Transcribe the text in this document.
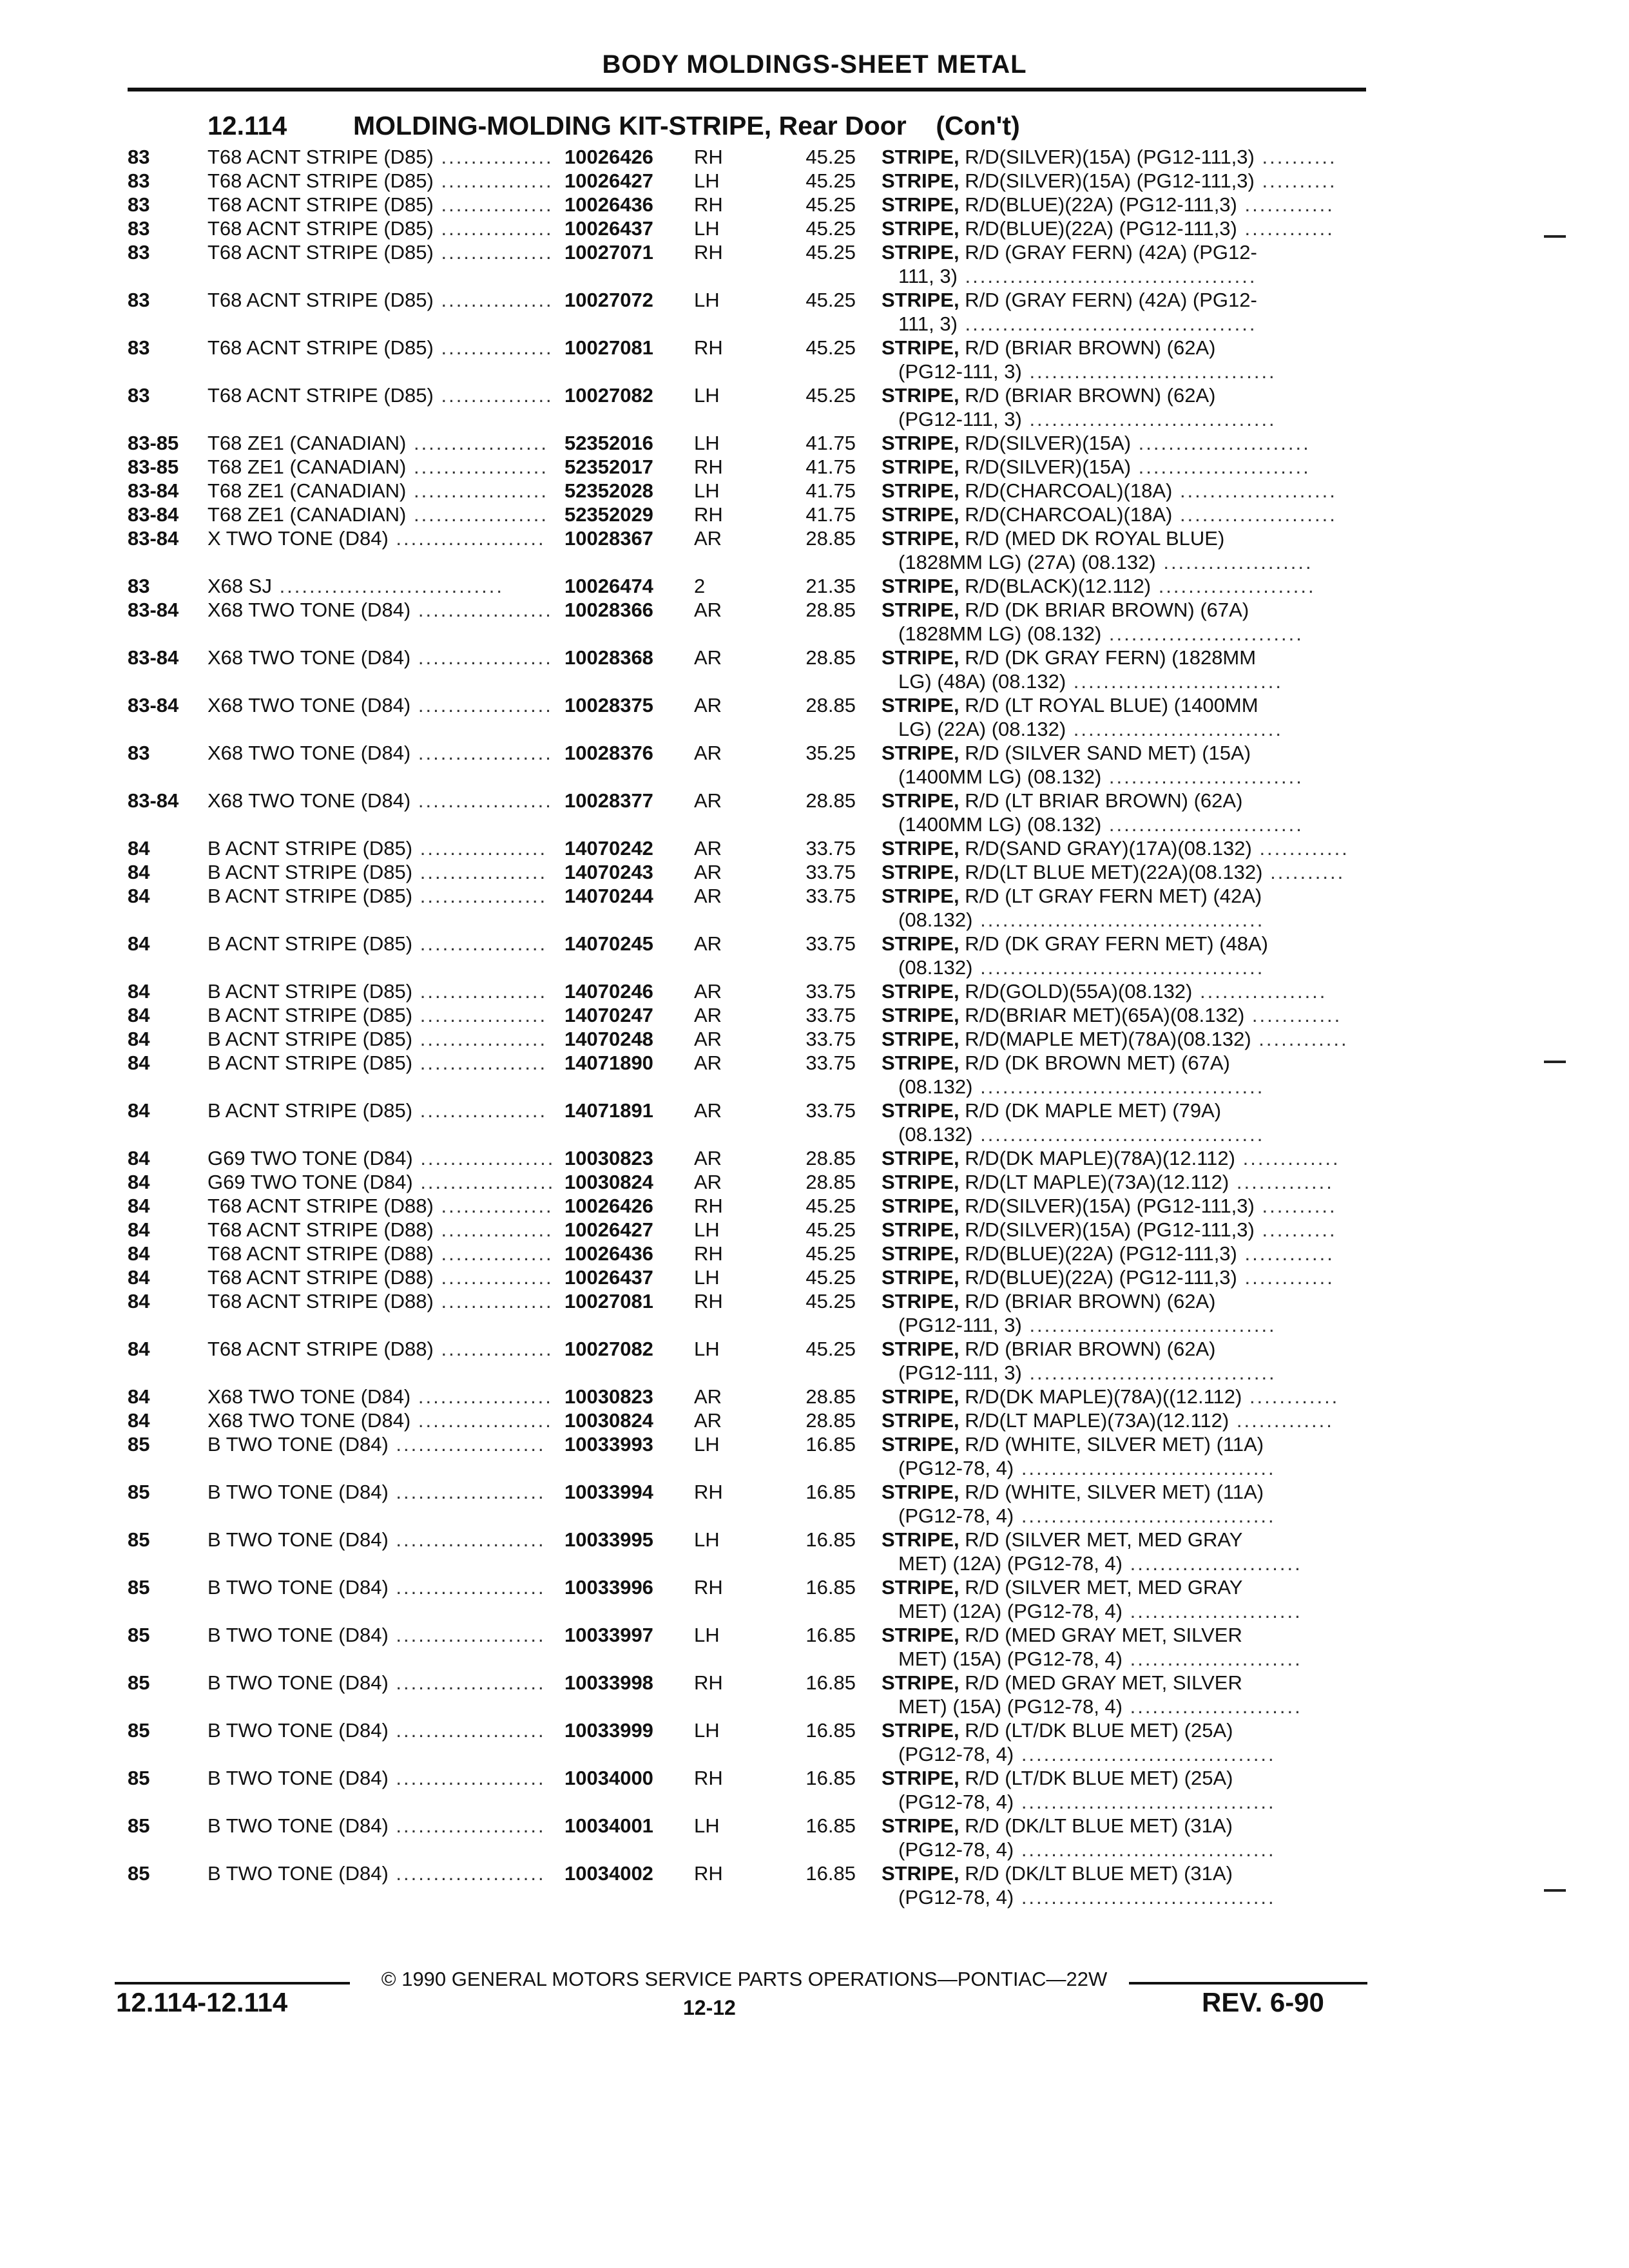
BODY MOLDINGS-SHEET METAL
12.114	MOLDING-MOLDING KIT-STRIPE, Rear Door (Con't)
83	T68 ACNT STRIPE (D85) ............... 10026426 RH	45.25 STRIPE, R/D(SILVER)(15A) (PG12-111,3) ..........
83	T68 ACNT STRIPE (D85) ............... 10026427 LH	45.25 STRIPE, R/D(SILVER)(15A) (PG12-111,3) ..........
83	T68 ACNT STRIPE (D85) ............... 10026436 RH	45.25 STRIPE, R/D(BLUE)(22A) (PG12-111,3) ............
83	T68 ACNT STRIPE (D85) ............... 10026437 LH	45.25 STRIPE, R/D(BLUE)(22A) (PG12-111,3) ............
83	T68 ACNT STRIPE (D85) ............... 10027071 RH	45.25 STRIPE, R/D (GRAY FERN) (42A) (PG12-
111, 3) .......................................
83	T68 ACNT STRIPE (D85) ............... 10027072 LH	45.25 STRIPE, R/D (GRAY FERN) (42A) (PG12-
111, 3) .......................................
83	T68 ACNT STRIPE (D85) ............... 10027081 RH	45.25 STRIPE, R/D (BRIAR BROWN) (62A)
(PG12-111, 3) .................................
83	T68 ACNT STRIPE (D85) ............... 10027082 LH	45.25 STRIPE, R/D (BRIAR BROWN) (62A)
(PG12-111, 3) .................................
83-85 T68 ZE1 (CANADIAN) .................. 52352016 LH	41.75 STRIPE, R/D(SILVER)(15A) .......................
83-85 T68 ZE1 (CANADIAN) .................. 52352017 RH	41.75 STRIPE, R/D(SILVER)(15A) .......................
83-84 T68 ZE1 (CANADIAN) .................. 52352028 LH	41.75 STRIPE, R/D(CHARCOAL)(18A) .....................
83-84 T68 ZE1 (CANADIAN) .................. 52352029 RH	41.75 STRIPE, R/D(CHARCOAL)(18A) .....................
83-84 X TWO TONE (D84) .................... 10028367 AR	28.85 STRIPE, R/D (MED DK ROYAL BLUE)
(1828MM LG) (27A) (08.132) ....................
83	X68 SJ ..............................	10026474 2	21.35 STRIPE, R/D(BLACK)(12.112) .....................
83-84 X68 TWO TONE (D84) .................. 10028366 AR	28.85 STRIPE, R/D (DK BRIAR BROWN) (67A)
(1828MM LG) (08.132) ..........................
83-84 X68 TWO TONE (D84) .................. 10028368 AR	28.85 STRIPE, R/D (DK GRAY FERN) (1828MM
LG) (48A) (08.132) ............................
83-84 X68 TWO TONE (D84) .................. 10028375 AR	28.85 STRIPE, R/D (LT ROYAL BLUE) (1400MM
LG) (22A) (08.132) ............................
83	X68 TWO TONE (D84) .................. 10028376 AR	35.25 STRIPE, R/D (SILVER SAND MET) (15A)
(1400MM LG) (08.132) ..........................
83-84 X68 TWO TONE (D84) .................. 10028377 AR	28.85 STRIPE, R/D (LT BRIAR BROWN) (62A)
(1400MM LG) (08.132) ..........................
84	B ACNT STRIPE (D85) ................. 14070242 AR	33.75 STRIPE, R/D(SAND GRAY)(17A)(08.132) ............
84	B ACNT STRIPE (D85) ................. 14070243 AR	33.75 STRIPE, R/D(LT BLUE MET)(22A)(08.132) ..........
84	B ACNT STRIPE (D85) ................. 14070244 AR	33.75 STRIPE, R/D (LT GRAY FERN MET) (42A)
(08.132) ......................................
84	B ACNT STRIPE (D85) ................. 14070245 AR	33.75 STRIPE, R/D (DK GRAY FERN MET) (48A)
(08.132) ......................................
84	B ACNT STRIPE (D85) ................. 14070246 AR	33.75 STRIPE, R/D(GOLD)(55A)(08.132) .................
84	B ACNT STRIPE (D85) ................. 14070247 AR	33.75 STRIPE, R/D(BRIAR MET)(65A)(08.132) ............
84	B ACNT STRIPE (D85) ................. 14070248 AR	33.75 STRIPE, R/D(MAPLE MET)(78A)(08.132) ............
84	B ACNT STRIPE (D85) ................. 14071890 AR	33.75 STRIPE, R/D (DK BROWN MET) (67A)
(08.132) ......................................
84	B ACNT STRIPE (D85) ................. 14071891 AR	33.75 STRIPE, R/D (DK MAPLE MET) (79A)
(08.132) ......................................
84	G69 TWO TONE (D84) .................. 10030823 AR	28.85 STRIPE, R/D(DK MAPLE)(78A)(12.112) .............
84	G69 TWO TONE (D84) .................. 10030824 AR	28.85 STRIPE, R/D(LT MAPLE)(73A)(12.112) .............
84	T68 ACNT STRIPE (D88) ............... 10026426 RH	45.25 STRIPE, R/D(SILVER)(15A) (PG12-111,3) ..........
84	T68 ACNT STRIPE (D88) ............... 10026427 LH	45.25 STRIPE, R/D(SILVER)(15A) (PG12-111,3) ..........
84	T68 ACNT STRIPE (D88) ............... 10026436 RH	45.25 STRIPE, R/D(BLUE)(22A) (PG12-111,3) ............
84	T68 ACNT STRIPE (D88) ............... 10026437 LH	45.25 STRIPE, R/D(BLUE)(22A) (PG12-111,3) ............
84	T68 ACNT STRIPE (D88) ............... 10027081 RH	45.25 STRIPE, R/D (BRIAR BROWN) (62A)
(PG12-111, 3) .................................
84	T68 ACNT STRIPE (D88) ............... 10027082 LH	45.25 STRIPE, R/D (BRIAR BROWN) (62A)
(PG12-111, 3) .................................
84	X68 TWO TONE (D84) .................. 10030823 AR	28.85 STRIPE, R/D(DK MAPLE)(78A)((12.112) ............
84	X68 TWO TONE (D84) .................. 10030824 AR	28.85 STRIPE, R/D(LT MAPLE)(73A)(12.112) .............
85	B TWO TONE (D84) .................... 10033993 LH	16.85 STRIPE, R/D (WHITE, SILVER MET) (11A)
(PG12-78, 4) ..................................
85	B TWO TONE (D84) .................... 10033994 RH	16.85 STRIPE, R/D (WHITE, SILVER MET) (11A)
(PG12-78, 4) ..................................
85	B TWO TONE (D84) .................... 10033995 LH	16.85 STRIPE, R/D (SILVER MET, MED GRAY
MET) (12A) (PG12-78, 4) .......................
85	B TWO TONE (D84) .................... 10033996 RH	16.85 STRIPE, R/D (SILVER MET, MED GRAY
MET) (12A) (PG12-78, 4) .......................
85	B TWO TONE (D84) .................... 10033997 LH	16.85 STRIPE, R/D (MED GRAY MET, SILVER
MET) (15A) (PG12-78, 4) .......................
85	B TWO TONE (D84) .................... 10033998 RH	16.85 STRIPE, R/D (MED GRAY MET, SILVER
MET) (15A) (PG12-78, 4) .......................
85	B TWO TONE (D84) .................... 10033999 LH	16.85 STRIPE, R/D (LT/DK BLUE MET) (25A)
(PG12-78, 4) ..................................
85	B TWO TONE (D84) .................... 10034000 RH	16.85 STRIPE, R/D (LT/DK BLUE MET) (25A)
(PG12-78, 4) ..................................
85	B TWO TONE (D84) .................... 10034001 LH	16.85 STRIPE, R/D (DK/LT BLUE MET) (31A)
(PG12-78, 4) ..................................
85	B TWO TONE (D84) .................... 10034002 RH	16.85 STRIPE, R/D (DK/LT BLUE MET) (31A)
(PG12-78, 4) ..................................
© 1990 GENERAL MOTORS SERVICE PARTS OPERATIONS—PONTIAC—22W
12.114-12.114	12-12	REV. 6-90
